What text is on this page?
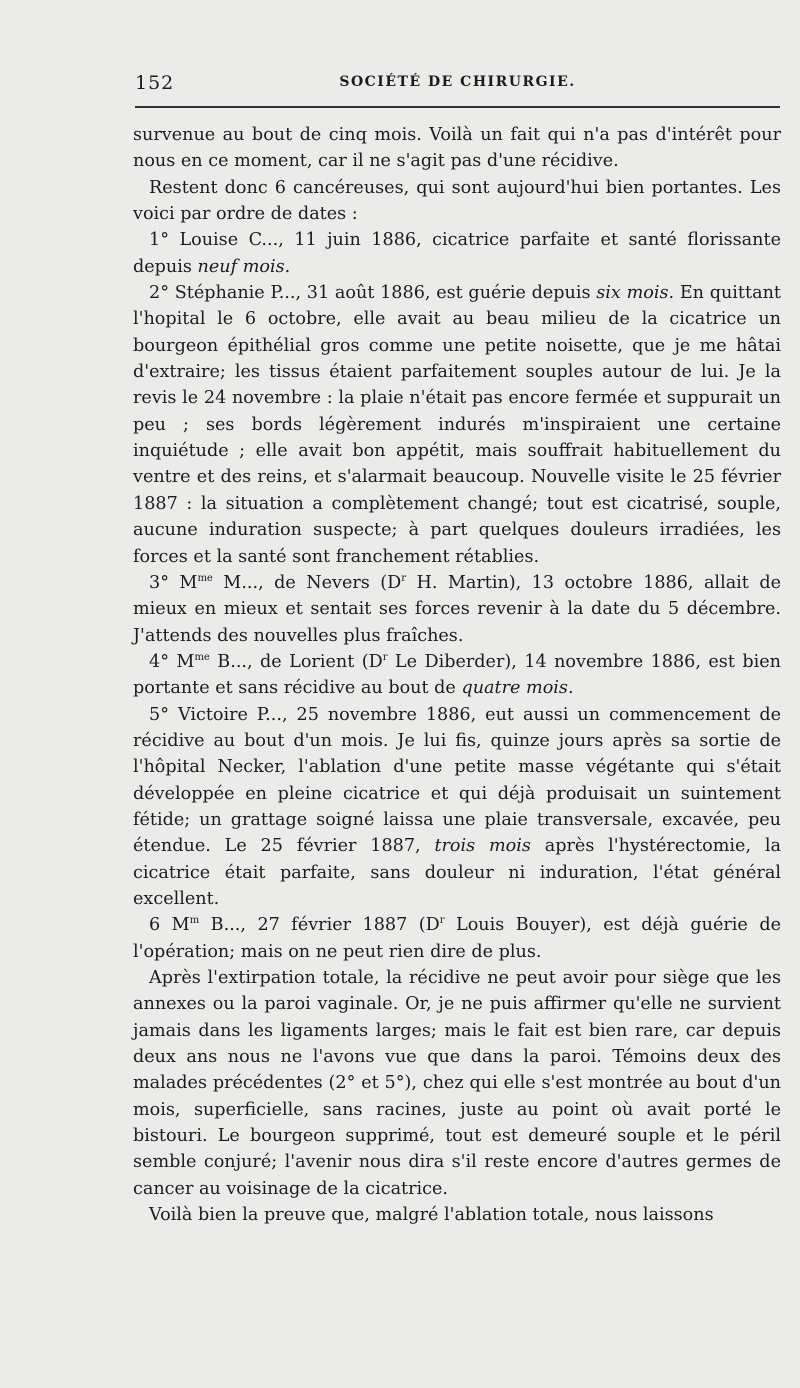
152	SOCIÉTÉ DE CHIRURGIE.

survenue au bout de cinq mois. Voilà un fait qui n'a pas d'intérêt pour nous en ce moment, car il ne s'agit pas d'une récidive.

Restent donc 6 cancéreuses, qui sont aujourd'hui bien portantes. Les voici par ordre de dates :

1° Louise C..., 11 juin 1886, cicatrice parfaite et santé florissante depuis neuf mois.

2° Stéphanie P..., 31 août 1886, est guérie depuis six mois. En quittant l'hopital le 6 octobre, elle avait au beau milieu de la cicatrice un bourgeon épithélial gros comme une petite noisette, que je me hâtai d'extraire; les tissus étaient parfaitement souples autour de lui. Je la revis le 24 novembre : la plaie n'était pas encore fermée et suppurait un peu ; ses bords légèrement indurés m'inspiraient une certaine inquiétude ; elle avait bon appétit, mais souffrait habituellement du ventre et des reins, et s'alarmait beaucoup. Nouvelle visite le 25 février 1887 : la situation a complètement changé; tout est cicatrisé, souple, aucune induration suspecte; à part quelques douleurs irradiées, les forces et la santé sont franchement rétablies.

3° $M^{me}$ M..., de Nevers ($D^r$ H. Martin), 13 octobre 1886, allait de mieux en mieux et sentait ses forces revenir à la date du 5 décembre. J'attends des nouvelles plus fraîches.

4° $M^{me}$ B..., de Lorient ($D^r$ Le Diberder), 14 novembre 1886, est bien portante et sans récidive au bout de quatre mois.

5° Victoire P..., 25 novembre 1886, eut aussi un commencement de récidive au bout d'un mois. Je lui fis, quinze jours après sa sortie de l'hôpital Necker, l'ablation d'une petite masse végétante qui s'était développée en pleine cicatrice et qui déjà produisait un suintement fétide; un grattage soigné laissa une plaie transversale, excavée, peu étendue. Le 25 février 1887, trois mois après l'hystérectomie, la cicatrice était parfaite, sans douleur ni induration, l'état général excellent.

6 $M^m$ B..., 27 février 1887 ($D^r$ Louis Bouyer), est déjà guérie de l'opération; mais on ne peut rien dire de plus.

Après l'extirpation totale, la récidive ne peut avoir pour siège que les annexes ou la paroi vaginale. Or, je ne puis affirmer qu'elle ne survient jamais dans les ligaments larges; mais le fait est bien rare, car depuis deux ans nous ne l'avons vue que dans la paroi. Témoins deux des malades précédentes (2° et 5°), chez qui elle s'est montrée au bout d'un mois, superficielle, sans racines, juste au point où avait porté le bistouri. Le bourgeon supprimé, tout est demeuré souple et le péril semble conjuré; l'avenir nous dira s'il reste encore d'autres germes de cancer au voisinage de la cicatrice.

Voilà bien la preuve que, malgré l'ablation totale, nous laissons
